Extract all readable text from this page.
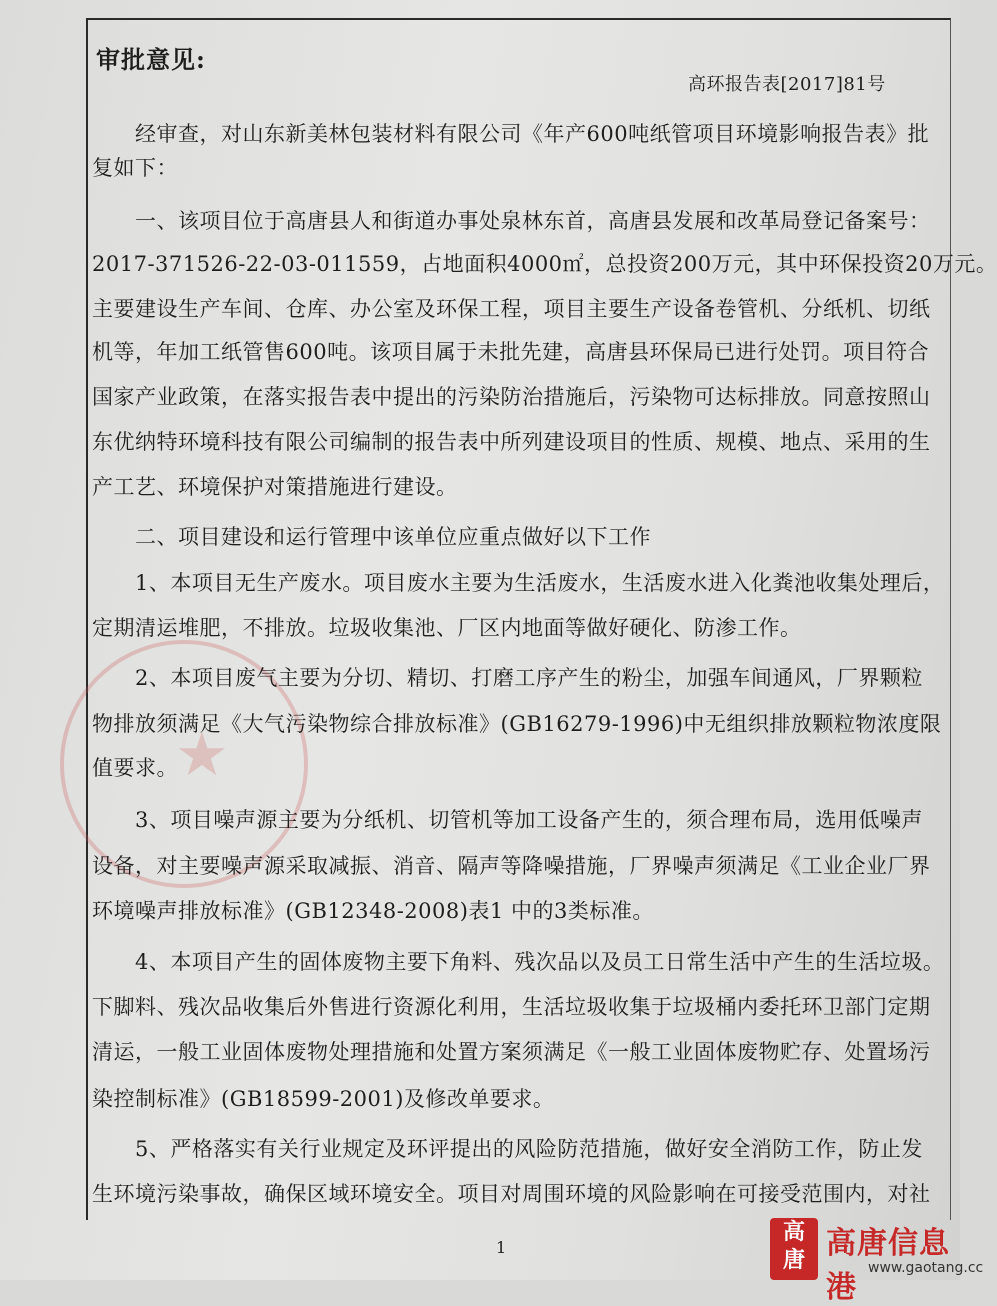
★
审批意见:
高环报告表[2017]81号
　　经审查，对山东新美林包装材料有限公司《年产600吨纸管项目环境影响报告表》批
复如下：
　　一、该项目位于高唐县人和街道办事处泉林东首，高唐县发展和改革局登记备案号：
2017-371526-22-03-011559，占地面积4000㎡，总投资200万元，其中环保投资20万元。
主要建设生产车间、仓库、办公室及环保工程，项目主要生产设备卷管机、分纸机、切纸
机等，年加工纸管售600吨。该项目属于未批先建，高唐县环保局已进行处罚。项目符合
国家产业政策，在落实报告表中提出的污染防治措施后，污染物可达标排放。同意按照山
东优纳特环境科技有限公司编制的报告表中所列建设项目的性质、规模、地点、采用的生
产工艺、环境保护对策措施进行建设。
　　二、项目建设和运行管理中该单位应重点做好以下工作
　　1、本项目无生产废水。项目废水主要为生活废水，生活废水进入化粪池收集处理后，
定期清运堆肥，不排放。垃圾收集池、厂区内地面等做好硬化、防渗工作。
　　2、本项目废气主要为分切、精切、打磨工序产生的粉尘，加强车间通风，厂界颗粒
物排放须满足《大气污染物综合排放标准》(GB16279-1996)中无组织排放颗粒物浓度限
值要求。
　　3、项目噪声源主要为分纸机、切管机等加工设备产生的，须合理布局，选用低噪声
设备，对主要噪声源采取减振、消音、隔声等降噪措施，厂界噪声须满足《工业企业厂界
环境噪声排放标准》(GB12348-2008)表1 中的3类标准。
　　4、本项目产生的固体废物主要下角料、残次品以及员工日常生活中产生的生活垃圾。
下脚料、残次品收集后外售进行资源化利用，生活垃圾收集于垃圾桶内委托环卫部门定期
清运，一般工业固体废物处理措施和处置方案须满足《一般工业固体废物贮存、处置场污
染控制标准》(GB18599-2001)及修改单要求。
　　5、严格落实有关行业规定及环评提出的风险防范措施，做好安全消防工作，防止发
生环境污染事故，确保区域环境安全。项目对周围环境的风险影响在可接受范围内，对社
1
高
唐 高唐信息港
www.gaotang.cc
